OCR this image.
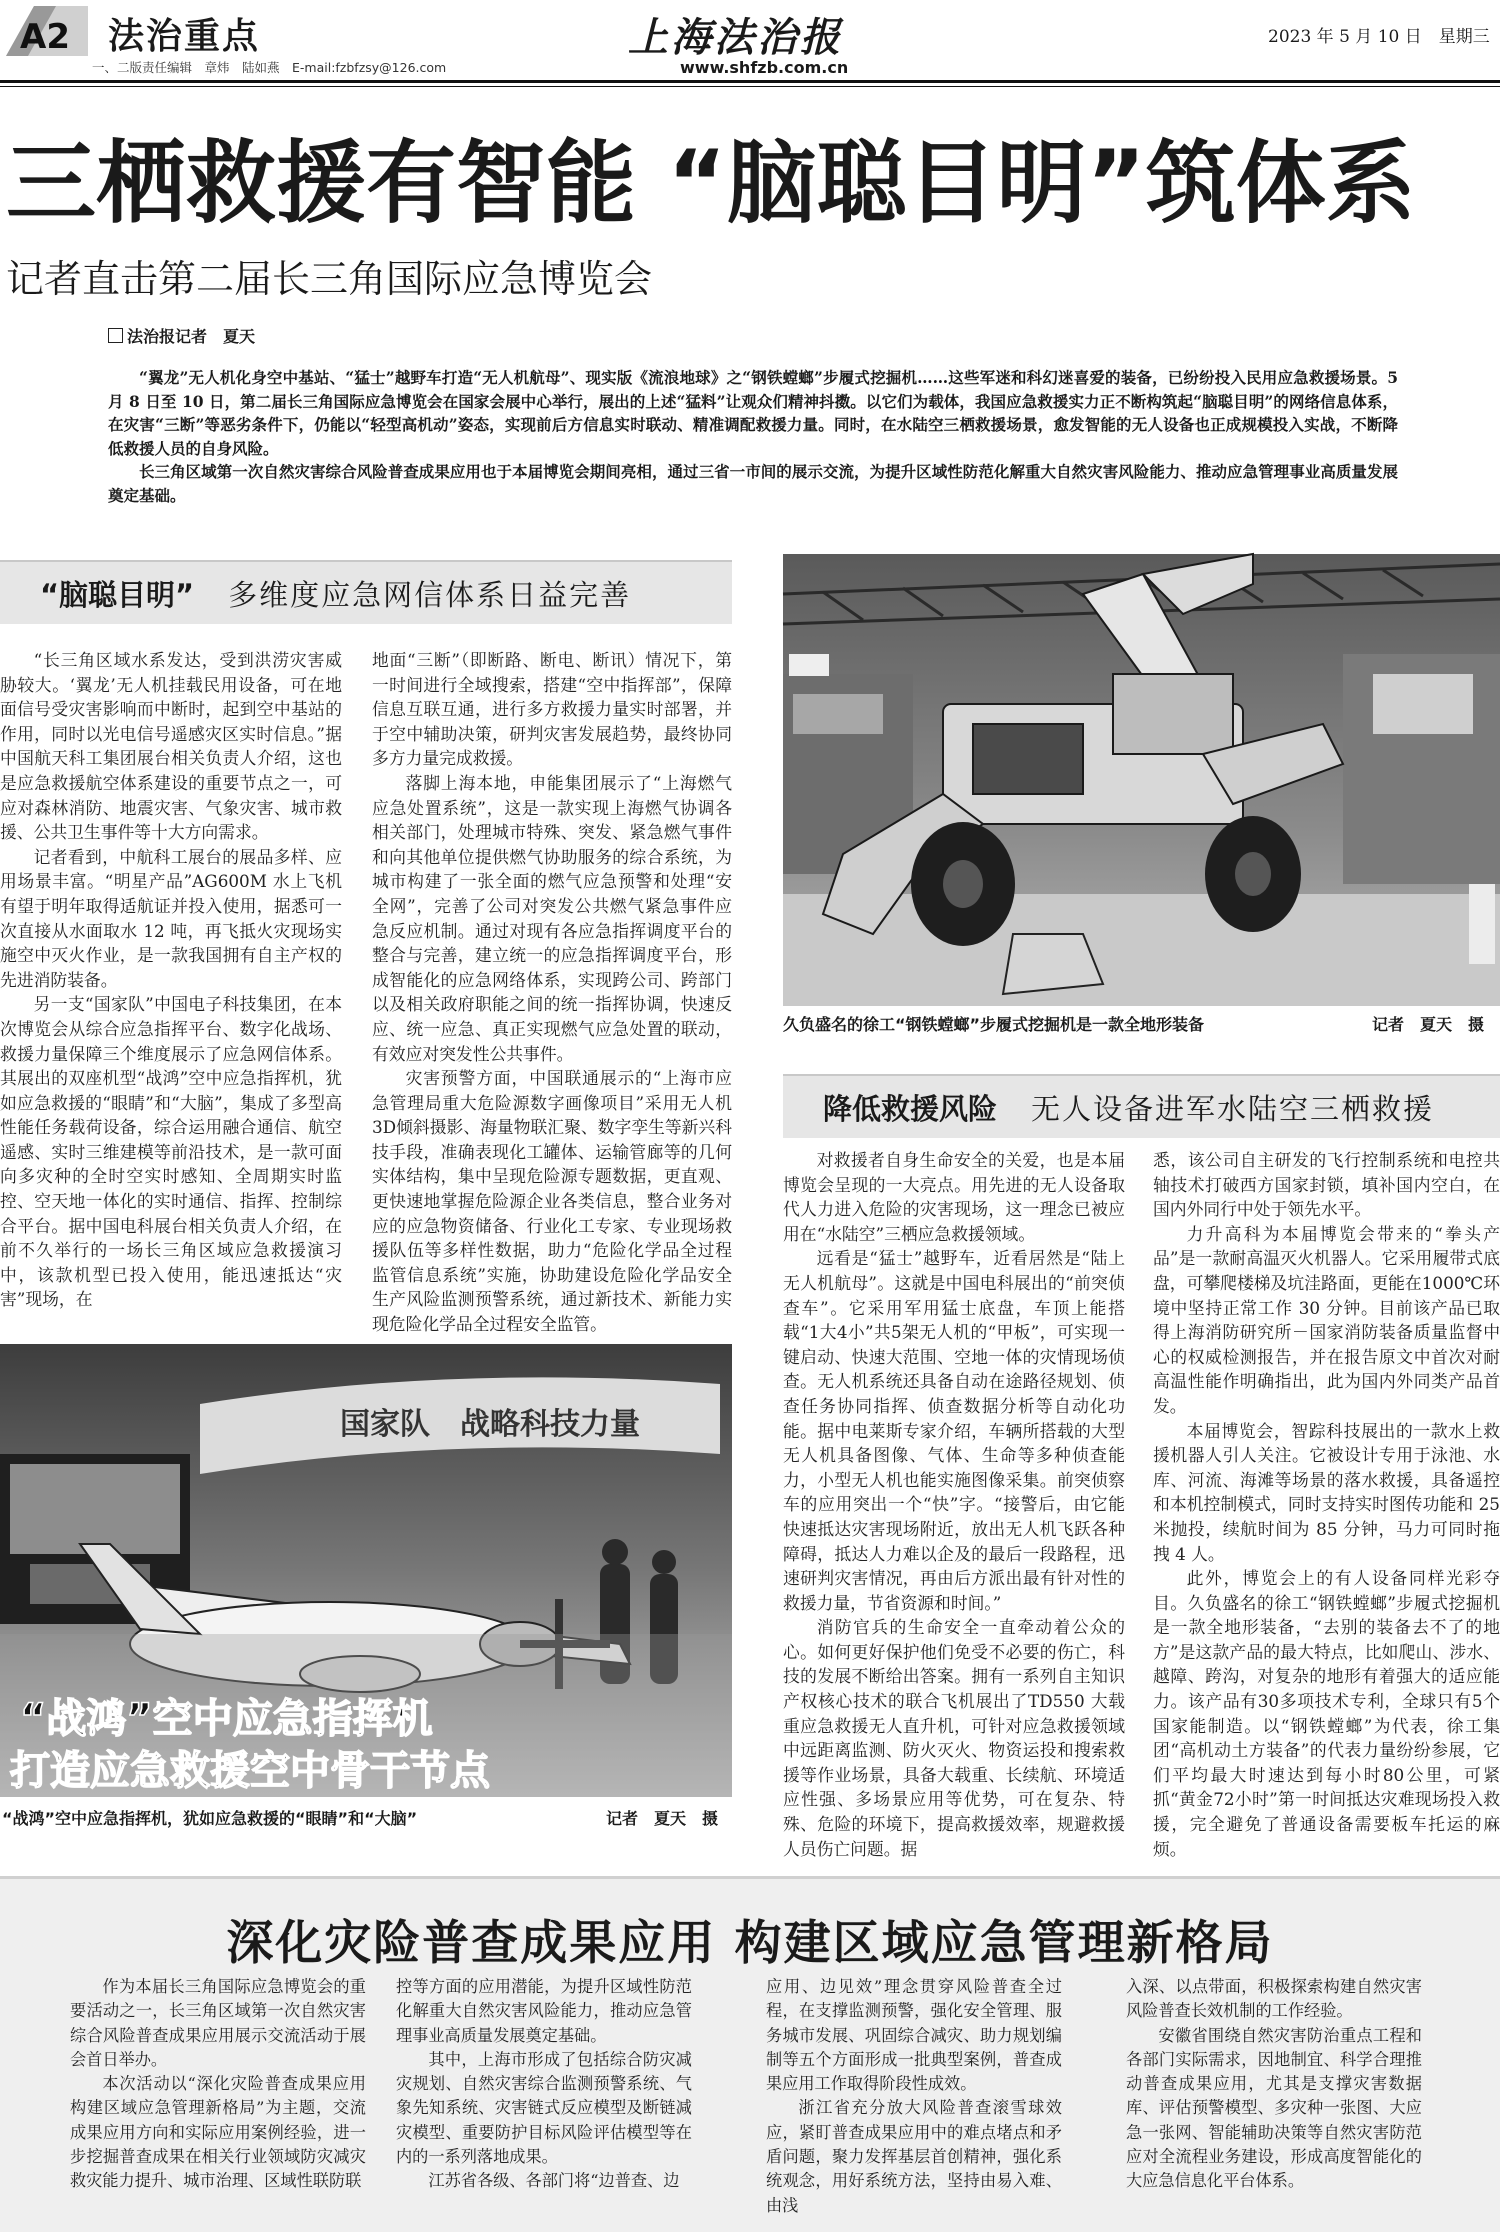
A2 法治重点
一、二版责任编辑　章炜　陆如燕　E-mail:fzbfzsy@126.com
上海法治报
www.shfzb.com.cn
2023 年 5 月 10 日　星期三
三栖救援有智能 “脑聪目明”筑体系
记者直击第二届长三角国际应急博览会
法治报记者　夏天

“翼龙”无人机化身空中基站、“猛士”越野车打造“无人机航母”、现实版《流浪地球》之“钢铁螳螂”步履式挖掘机……这些军迷和科幻迷喜爱的装备，已纷纷投入民用应急救援场景。5 月 8 日至 10 日，第二届长三角国际应急博览会在国家会展中心举行，展出的上述“猛料”让观众们精神抖擞。以它们为载体，我国应急救援实力正不断构筑起“脑聪目明”的网络信息体系，在灾害“三断”等恶劣条件下，仍能以“轻型高机动”姿态，实现前后方信息实时联动、精准调配救援力量。同时，在水陆空三栖救援场景，愈发智能的无人设备也正成规模投入实战，不断降低救援人员的自身风险。

长三角区域第一次自然灾害综合风险普查成果应用也于本届博览会期间亮相，通过三省一市间的展示交流，为提升区域性防范化解重大自然灾害风险能力、推动应急管理事业高质量发展奠定基础。

“脑聪目明” 多维度应急网信体系日益完善

“长三角区域水系发达，受到洪涝灾害威胁较大。‘翼龙’无人机挂载民用设备，可在地面信号受灾害影响而中断时，起到空中基站的作用，同时以光电信号遥感灾区实时信息。”据中国航天科工集团展台相关负责人介绍，这也是应急救援航空体系建设的重要节点之一，可应对森林消防、地震灾害、气象灾害、城市救援、公共卫生事件等十大方向需求。

记者看到，中航科工展台的展品多样、应用场景丰富。“明星产品”AG600M 水上飞机有望于明年取得适航证并投入使用，据悉可一次直接从水面取水 12 吨，再飞抵火灾现场实施空中灭火作业，是一款我国拥有自主产权的先进消防装备。

另一支“国家队”中国电子科技集团，在本次博览会从综合应急指挥平台、数字化战场、救援力量保障三个维度展示了应急网信体系。其展出的双座机型“战鸿”空中应急指挥机，犹如应急救援的“眼睛”和“大脑”，集成了多型高性能任务载荷设备，综合运用融合通信、航空遥感、实时三维建模等前沿技术，是一款可面向多灾种的全时空实时感知、全周期实时监控、空天地一体化的实时通信、指挥、控制综合平台。据中国电科展台相关负责人介绍，在前不久举行的一场长三角区域应急救援演习中，该款机型已投入使用，能迅速抵达“灾害”现场，在

地面“三断”（即断路、断电、断讯）情况下，第一时间进行全域搜索，搭建“空中指挥部”，保障信息互联互通，进行多方救援力量实时部署，并于空中辅助决策，研判灾害发展趋势，最终协同多方力量完成救援。

落脚上海本地，申能集团展示了“上海燃气应急处置系统”，这是一款实现上海燃气协调各相关部门，处理城市特殊、突发、紧急燃气事件和向其他单位提供燃气协助服务的综合系统，为城市构建了一张全面的燃气应急预警和处理“安全网”，完善了公司对突发公共燃气紧急事件应急反应机制。通过对现有各应急指挥调度平台的整合与完善，建立统一的应急指挥调度平台，形成智能化的应急网络体系，实现跨公司、跨部门以及相关政府职能之间的统一指挥协调，快速反应、统一应急、真正实现燃气应急处置的联动，有效应对突发性公共事件。

灾害预警方面，中国联通展示的“上海市应急管理局重大危险源数字画像项目”采用无人机3D倾斜摄影、海量物联汇聚、数字孪生等新兴科技手段，准确表现化工罐体、运输管廊等的几何实体结构，集中呈现危险源专题数据，更直观、更快速地掌握危险源企业各类信息，整合业务对应的应急物资储备、行业化工专家、专业现场救援队伍等多样性数据，助力“危险化学品全过程监管信息系统”实施，协助建设危险化学品安全生产风险监测预警系统，通过新技术、新能力实现危险化学品全过程安全监管。

久负盛名的徐工“钢铁螳螂”步履式挖掘机是一款全地形装备	记者　夏天　摄
降低救援风险 无人设备进军水陆空三栖救援

对救援者自身生命安全的关爱，也是本届博览会呈现的一大亮点。用先进的无人设备取代人力进入危险的灾害现场，这一理念已被应用在“水陆空”三栖应急救援领域。

远看是“猛士”越野车，近看居然是“陆上无人机航母”。这就是中国电科展出的“前突侦查车”。它采用军用猛士底盘，车顶上能搭载“1大4小”共5架无人机的“甲板”，可实现一键启动、快速大范围、空地一体的灾情现场侦查。无人机系统还具备自动在途路径规划、侦查任务协同指挥、侦查数据分析等自动化功能。据中电莱斯专家介绍，车辆所搭载的大型无人机具备图像、气体、生命等多种侦查能力，小型无人机也能实施图像采集。前突侦察车的应用突出一个“快”字。“接警后，由它能快速抵达灾害现场附近，放出无人机飞跃各种障碍，抵达人力难以企及的最后一段路程，迅速研判灾害情况，再由后方派出最有针对性的救援力量，节省资源和时间。”

消防官兵的生命安全一直牵动着公众的心。如何更好保护他们免受不必要的伤亡，科技的发展不断给出答案。拥有一系列自主知识产权核心技术的联合飞机展出了TD550 大载重应急救援无人直升机，可针对应急救援领域中远距离监测、防火灭火、物资运投和搜索救援等作业场景，具备大载重、长续航、环境适应性强、多场景应用等优势，可在复杂、特殊、危险的环境下，提高救援效率，规避救援人员伤亡问题。据

悉，该公司自主研发的飞行控制系统和电控共轴技术打破西方国家封锁，填补国内空白，在国内外同行中处于领先水平。

力升高科为本届博览会带来的“拳头产品”是一款耐高温灭火机器人。它采用履带式底盘，可攀爬楼梯及坑洼路面，更能在1000℃环境中坚持正常工作 30 分钟。目前该产品已取得上海消防研究所－国家消防装备质量监督中心的权威检测报告，并在报告原文中首次对耐高温性能作明确指出，此为国内外同类产品首发。

本届博览会，智踪科技展出的一款水上救援机器人引人关注。它被设计专用于泳池、水库、河流、海滩等场景的落水救援，具备遥控和本机控制模式，同时支持实时图传功能和 25 米抛投，续航时间为 85 分钟，马力可同时拖拽 4 人。

此外，博览会上的有人设备同样光彩夺目。久负盛名的徐工“钢铁螳螂”步履式挖掘机是一款全地形装备，“去别的装备去不了的地方”是这款产品的最大特点，比如爬山、涉水、越障、跨沟，对复杂的地形有着强大的适应能力。该产品有30多项技术专利，全球只有5个国家能制造。以“钢铁螳螂”为代表，徐工集团“高机动土方装备”的代表力量纷纷参展，它们平均最大时速达到每小时80公里，可紧抓“黄金72小时”第一时间抵达灾难现场投入救援，完全避免了普通设备需要板车托运的麻烦。

国家队　战略科技力量
“战鸿”空中应急指挥机
打造应急救援空中骨干节点
“战鸿”空中应急指挥机，犹如应急救援的“眼睛”和“大脑”	记者　夏天　摄
深化灾险普查成果应用 构建区域应急管理新格局

作为本届长三角国际应急博览会的重要活动之一，长三角区域第一次自然灾害综合风险普查成果应用展示交流活动于展会首日举办。

本次活动以“深化灾险普查成果应用构建区域应急管理新格局”为主题，交流成果应用方向和实际应用案例经验，进一步挖掘普查成果在相关行业领域防灾减灾救灾能力提升、城市治理、区域性联防联

控等方面的应用潜能，为提升区域性防范化解重大自然灾害风险能力，推动应急管理事业高质量发展奠定基础。

其中，上海市形成了包括综合防灾减灾规划、自然灾害综合监测预警系统、气象先知系统、灾害链式反应模型及断链减灾模型、重要防护目标风险评估模型等在内的一系列落地成果。

江苏省各级、各部门将“边普查、边

应用、边见效”理念贯穿风险普查全过程，在支撑监测预警，强化安全管理、服务城市发展、巩固综合减灾、助力规划编制等五个方面形成一批典型案例，普查成果应用工作取得阶段性成效。

浙江省充分放大风险普查滚雪球效应，紧盯普查成果应用中的难点堵点和矛盾问题，聚力发挥基层首创精神，强化系统观念，用好系统方法，坚持由易入难、由浅

入深、以点带面，积极探索构建自然灾害风险普查长效机制的工作经验。

安徽省围绕自然灾害防治重点工程和各部门实际需求，因地制宜、科学合理推动普查成果应用，尤其是支撑灾害数据库、评估预警模型、多灾种一张图、大应急一张网、智能辅助决策等自然灾害防范应对全流程业务建设，形成高度智能化的大应急信息化平台体系。
